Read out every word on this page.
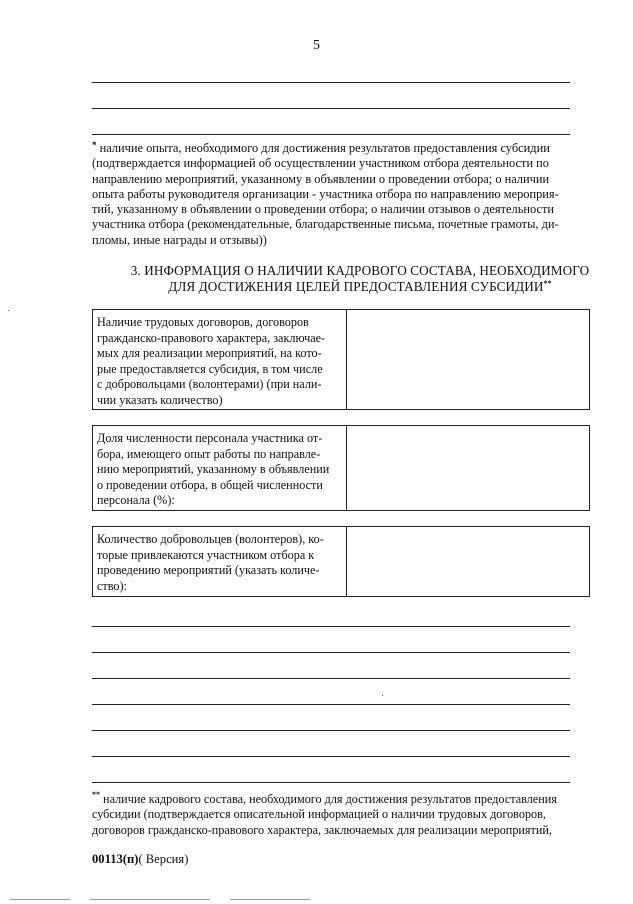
5
* наличие опыта, необходимого для достижения результатов предоставления субсидии
(подтверждается информацией об осуществлении участником отбора деятельности по
направлению мероприятий, указанному в объявлении о проведении отбора; о наличии
опыта работы руководителя организации - участника отбора по направлению мероприя-
тий, указанному в объявлении о проведении отбора; о наличии отзывов о деятельности
участника отбора (рекомендательные, благодарственные письма, почетные грамоты, ди-
пломы, иные награды и отзывы))
3. ИНФОРМАЦИЯ О НАЛИЧИИ КАДРОВОГО СОСТАВА, НЕОБХОДИМОГО
ДЛЯ ДОСТИЖЕНИЯ ЦЕЛЕЙ ПРЕДОСТАВЛЕНИЯ СУБСИДИИ**
Наличие трудовых договоров, договоров
гражданско-правового характера, заключае-
мых для реализации мероприятий, на кото-
рые предоставляется субсидия, в том числе
с добровольцами (волонтерами) (при нали-
чии указать количество)
Доля численности персонала участника от-
бора, имеющего опыт работы по направле-
нию мероприятий, указанному в объявлении
о проведении отбора, в общей численности
персонала (%):
Количество добровольцев (волонтеров), ко-
торые привлекаются участником отбора к
проведению мероприятий (указать количе-
ство):
** наличие кадрового состава, необходимого для достижения результатов предоставления
субсидии (подтверждается описательной информацией о наличии трудовых договоров,
договоров гражданско-правового характера, заключаемых для реализации мероприятий,
00113(п)( Версия)
